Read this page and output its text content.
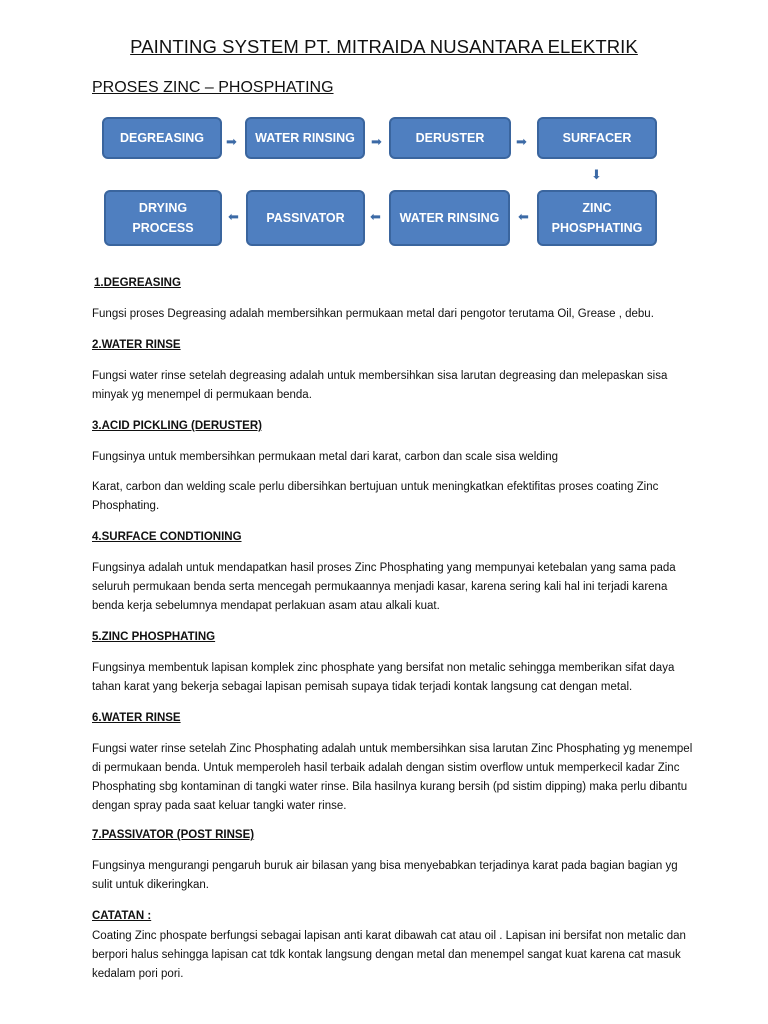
PAINTING SYSTEM PT. MITRAIDA NUSANTARA ELEKTRIK
PROSES ZINC – PHOSPHATING
DEGREASING	➡	WATER RINSING	➡	DERUSTER	➡	SURFACER
⬇
DRYING PROCESS
⬅	PASSIVATOR	⬅	WATER RINSING	⬅
ZINC PHOSPHATING
1.DEGREASING
Fungsi proses Degreasing adalah membersihkan permukaan metal dari pengotor terutama Oil, Grease , debu.
2.WATER RINSE
Fungsi water rinse setelah degreasing adalah untuk membersihkan sisa larutan degreasing dan melepaskan sisa minyak yg menempel di permukaan benda.
3.ACID PICKLING (DERUSTER)
Fungsinya untuk membersihkan permukaan metal dari karat, carbon dan scale sisa welding
Karat, carbon dan welding scale perlu dibersihkan bertujuan untuk meningkatkan efektifitas proses coating Zinc Phosphating.
4.SURFACE CONDTIONING
Fungsinya adalah untuk mendapatkan hasil proses Zinc Phosphating yang mempunyai ketebalan yang sama pada seluruh permukaan benda serta mencegah permukaannya menjadi kasar, karena sering kali hal ini terjadi karena benda kerja sebelumnya mendapat perlakuan asam atau alkali kuat.
5.ZINC PHOSPHATING
Fungsinya membentuk lapisan komplek zinc phosphate yang bersifat non metalic sehingga memberikan sifat daya tahan karat yang bekerja sebagai lapisan pemisah supaya tidak terjadi kontak langsung cat dengan metal.
6.WATER RINSE
Fungsi water rinse setelah Zinc Phosphating adalah untuk membersihkan sisa larutan Zinc Phosphating yg menempel di permukaan benda. Untuk memperoleh hasil terbaik adalah dengan sistim overflow untuk memperkecil kadar Zinc Phosphating sbg kontaminan di tangki water rinse. Bila hasilnya kurang bersih (pd sistim dipping) maka perlu dibantu dengan spray pada saat keluar tangki water rinse.
7.PASSIVATOR (POST RINSE)
Fungsinya mengurangi pengaruh buruk air bilasan yang bisa menyebabkan terjadinya karat pada bagian bagian yg sulit untuk dikeringkan.
CATATAN :
Coating Zinc phospate berfungsi sebagai lapisan anti karat dibawah cat atau oil . Lapisan ini bersifat non metalic dan berpori halus sehingga lapisan cat tdk kontak langsung dengan metal dan menempel sangat kuat karena cat masuk kedalam pori pori.
